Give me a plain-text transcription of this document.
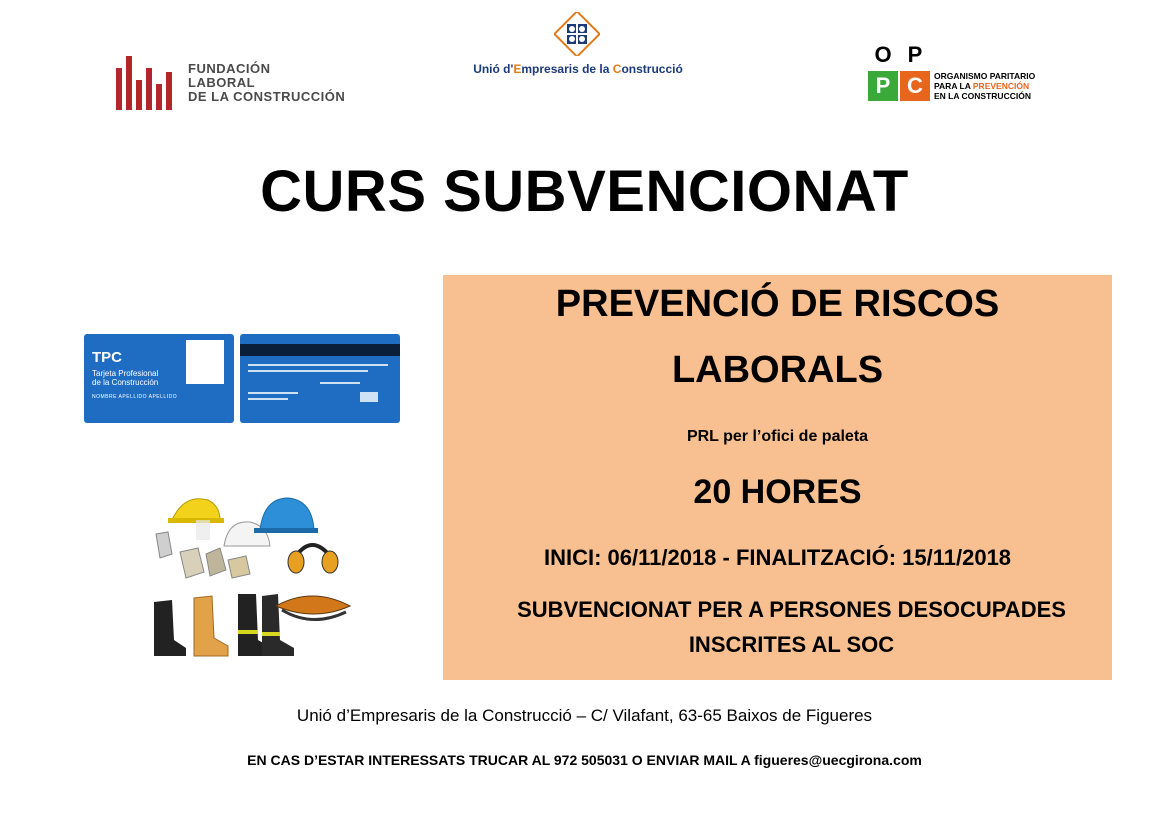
FUNDACIÓN
LABORAL
DE LA CONSTRUCCIÓN
Unió d'Empresaris de la Construcció
O P
P C	ORGANISMO PARITARIO
PARA LA PREVENCIÓN
EN LA CONSTRUCCIÓN
CURS SUBVENCIONAT
PREVENCIÓ DE RISCOS
LABORALS
PRL per l’ofici de paleta
20 HORES
INICI: 06/11/2018 - FINALITZACIÓ: 15/11/2018
SUBVENCIONAT PER A PERSONES DESOCUPADES
INSCRITES AL SOC
TPC
Tarjeta Profesional
de la Construcción
NOMBRE APELLIDO APELLIDO
Unió d’Empresaris de la Construcció – C/ Vilafant, 63-65 Baixos de Figueres
EN CAS D’ESTAR INTERESSATS TRUCAR AL 972 505031 O ENVIAR MAIL A figueres@uecgirona.com
